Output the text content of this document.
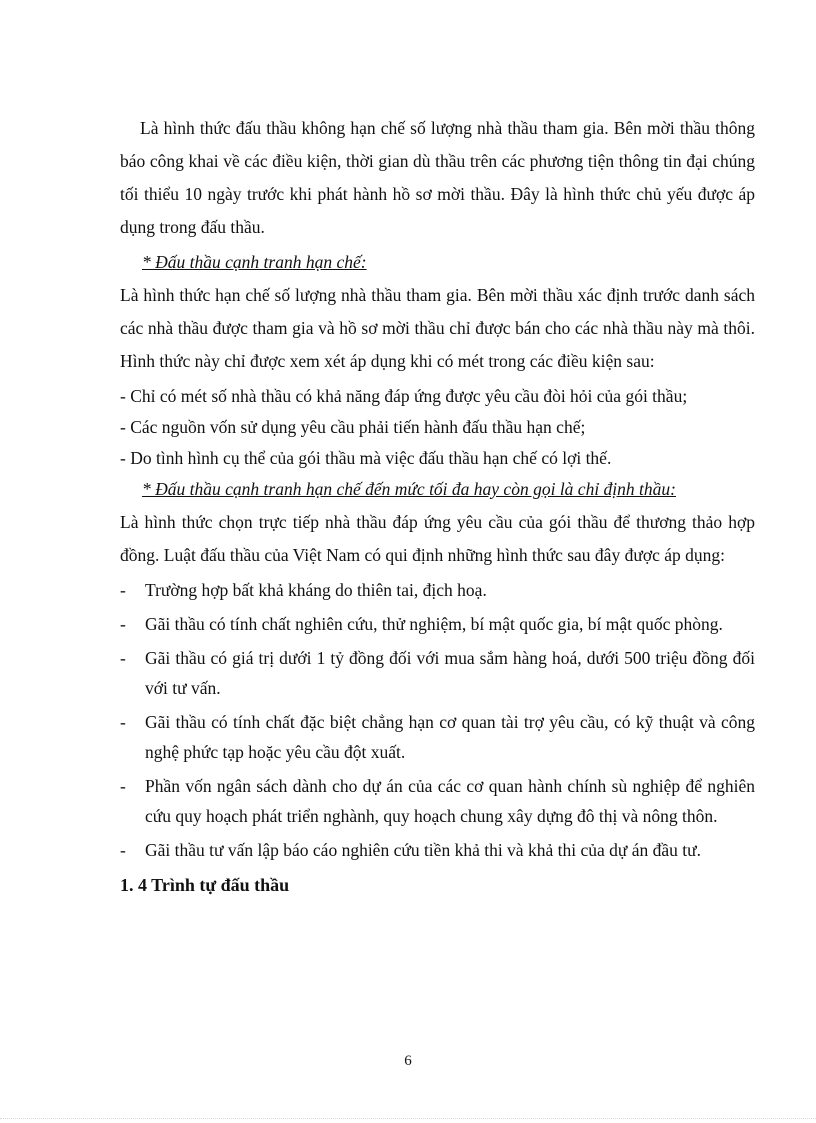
Là hình thức đấu thầu không hạn chế số lượng nhà thầu tham gia. Bên mời thầu thông báo công khai về các điều kiện, thời gian dù thầu trên các phương tiện thông tin đại chúng tối thiểu 10 ngày trước khi phát hành hồ sơ mời thầu. Đây là hình thức chủ yếu được áp dụng trong đấu thầu.

* Đấu thầu cạnh tranh hạn chế:

Là hình thức hạn chế số lượng nhà thầu tham gia. Bên mời thầu xác định trước danh sách các nhà thầu được tham gia và hồ sơ mời thầu chỉ được bán cho các nhà thầu này mà thôi. Hình thức này chỉ được xem xét áp dụng khi có mét trong các điều kiện sau:

- Chỉ có mét số nhà thầu có khả năng đáp ứng được yêu cầu đòi hỏi của gói thầu;

- Các nguồn vốn sử dụng yêu cầu phải tiến hành đấu thầu hạn chế;

- Do tình hình cụ thể của gói thầu mà việc đấu thầu hạn chế có lợi thế.

* Đấu thầu cạnh tranh hạn chế đến mức tối đa hay còn gọi là chỉ định thầu:

Là hình thức chọn trực tiếp nhà thầu đáp ứng yêu cầu của gói thầu để thương thảo hợp đồng. Luật đấu thầu của Việt Nam có qui định những hình thức sau đây được áp dụng:

- Trường hợp bất khả kháng do thiên tai, địch hoạ.
- Gãi thầu có tính chất nghiên cứu, thử nghiệm, bí mật quốc gia, bí mật quốc phòng.
- Gãi thầu có giá trị dưới 1 tỷ đồng đối với mua sắm hàng hoá, dưới 500 triệu đồng đối với tư vấn.
- Gãi thầu có tính chất đặc biệt chẳng hạn cơ quan tài trợ yêu cầu, có kỹ thuật và công nghệ phức tạp hoặc yêu cầu đột xuất.
- Phần vốn ngân sách dành cho dự án của các cơ quan hành chính sù nghiệp để nghiên cứu quy hoạch phát triển nghành, quy hoạch chung xây dựng đô thị và nông thôn.
- Gãi thầu tư vấn lập báo cáo nghiên cứu tiền khả thi và khả thi của dự án đầu tư.

1. 4 Trình tự đấu thầu

6
